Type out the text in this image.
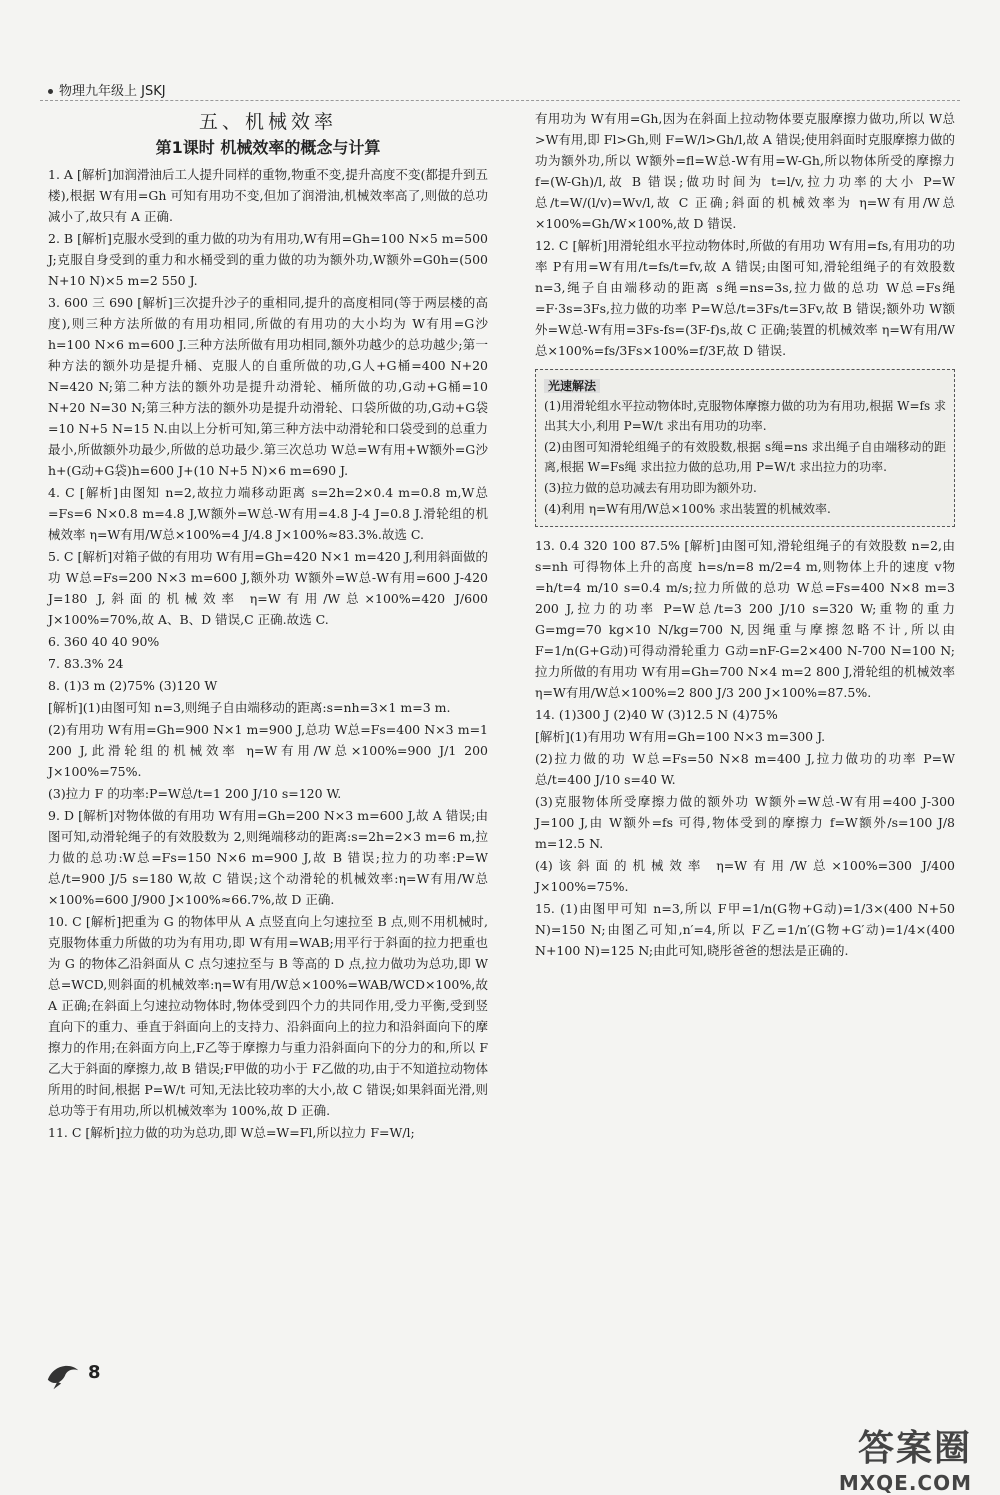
物理九年级上 JSKJ
五、机械效率
第1课时 机械效率的概念与计算
1. A [解析]加润滑油后工人提升同样的重物,物重不变,提升高度不变(都提升到五楼),根据 W有用=Gh 可知有用功不变,但加了润滑油,机械效率高了,则做的总功减小了,故只有 A 正确.
2. B [解析]克服水受到的重力做的功为有用功,W有用=Gh=100 N×5 m=500 J;克服自身受到的重力和水桶受到的重力做的功为额外功,W额外=G0h=(500 N+10 N)×5 m=2 550 J.
3. 600 三 690 [解析]三次提升沙子的重相同,提升的高度相同(等于两层楼的高度),则三种方法所做的有用功相同,所做的有用功的大小均为 W有用=G沙h=100 N×6 m=600 J.三种方法所做有用功相同,额外功越少的总功越少;第一种方法的额外功是提升桶、克服人的自重所做的功,G人+G桶=400 N+20 N=420 N;第二种方法的额外功是提升动滑轮、桶所做的功,G动+G桶=10 N+20 N=30 N;第三种方法的额外功是提升动滑轮、口袋所做的功,G动+G袋=10 N+5 N=15 N.由以上分析可知,第三种方法中动滑轮和口袋受到的总重力最小,所做额外功最少,所做的总功最少.第三次总功 W总=W有用+W额外=G沙h+(G动+G袋)h=600 J+(10 N+5 N)×6 m=690 J.
4. C [解析]由图知 n=2,故拉力端移动距离 s=2h=2×0.4 m=0.8 m,W总=Fs=6 N×0.8 m=4.8 J,W额外=W总-W有用=4.8 J-4 J=0.8 J.滑轮组的机械效率 η=W有用/W总×100%=4 J/4.8 J×100%≈83.3%.故选 C.
5. C [解析]对箱子做的有用功 W有用=Gh=420 N×1 m=420 J,利用斜面做的功 W总=Fs=200 N×3 m=600 J,额外功 W额外=W总-W有用=600 J-420 J=180 J,斜面的机械效率 η=W有用/W总×100%=420 J/600 J×100%=70%,故 A、B、D 错误,C 正确.故选 C.
6. 360 40 40 90%
7. 83.3% 24
8. (1)3 m (2)75% (3)120 W
[解析](1)由图可知 n=3,则绳子自由端移动的距离:s=nh=3×1 m=3 m.
(2)有用功 W有用=Gh=900 N×1 m=900 J,总功 W总=Fs=400 N×3 m=1 200 J,此滑轮组的机械效率 η=W有用/W总×100%=900 J/1 200 J×100%=75%.
(3)拉力 F 的功率:P=W总/t=1 200 J/10 s=120 W.
9. D [解析]对物体做的有用功 W有用=Gh=200 N×3 m=600 J,故 A 错误;由图可知,动滑轮绳子的有效股数为 2,则绳端移动的距离:s=2h=2×3 m=6 m,拉力做的总功:W总=Fs=150 N×6 m=900 J,故 B 错误;拉力的功率:P=W总/t=900 J/5 s=180 W,故 C 错误;这个动滑轮的机械效率:η=W有用/W总×100%=600 J/900 J×100%≈66.7%,故 D 正确.
10. C [解析]把重为 G 的物体甲从 A 点竖直向上匀速拉至 B 点,则不用机械时,克服物体重力所做的功为有用功,即 W有用=WAB;用平行于斜面的拉力把重也为 G 的物体乙沿斜面从 C 点匀速拉至与 B 等高的 D 点,拉力做功为总功,即 W总=WCD,则斜面的机械效率:η=W有用/W总×100%=WAB/WCD×100%,故 A 正确;在斜面上匀速拉动物体时,物体受到四个力的共同作用,受力平衡,受到竖直向下的重力、垂直于斜面向上的支持力、沿斜面向上的拉力和沿斜面向下的摩擦力的作用;在斜面方向上,F乙等于摩擦力与重力沿斜面向下的分力的和,所以 F乙大于斜面的摩擦力,故 B 错误;F甲做的功小于 F乙做的功,由于不知道拉动物体所用的时间,根据 P=W/t 可知,无法比较功率的大小,故 C 错误;如果斜面光滑,则总功等于有用功,所以机械效率为 100%,故 D 正确.
11. C [解析]拉力做的功为总功,即 W总=W=Fl,所以拉力 F=W/l;
有用功为 W有用=Gh,因为在斜面上拉动物体要克服摩擦力做功,所以 W总>W有用,即 Fl>Gh,则 F=W/l>Gh/l,故 A 错误;使用斜面时克服摩擦力做的功为额外功,所以 W额外=fl=W总-W有用=W-Gh,所以物体所受的摩擦力 f=(W-Gh)/l,故 B 错误;做功时间为 t=l/v,拉力功率的大小 P=W总/t=W/(l/v)=Wv/l,故 C 正确;斜面的机械效率为 η=W有用/W总×100%=Gh/W×100%,故 D 错误.
12. C [解析]用滑轮组水平拉动物体时,所做的有用功 W有用=fs,有用功的功率 P有用=W有用/t=fs/t=fv,故 A 错误;由图可知,滑轮组绳子的有效股数 n=3,绳子自由端移动的距离 s绳=ns=3s,拉力做的总功 W总=Fs绳=F·3s=3Fs,拉力做的功率 P=W总/t=3Fs/t=3Fv,故 B 错误;额外功 W额外=W总-W有用=3Fs-fs=(3F-f)s,故 C 正确;装置的机械效率 η=W有用/W总×100%=fs/3Fs×100%=f/3F,故 D 错误.
光速解法
(1)用滑轮组水平拉动物体时,克服物体摩擦力做的功为有用功,根据 W=fs 求出其大小,利用 P=W/t 求出有用功的功率.
(2)由图可知滑轮组绳子的有效股数,根据 s绳=ns 求出绳子自由端移动的距离,根据 W=Fs绳 求出拉力做的总功,用 P=W/t 求出拉力的功率.
(3)拉力做的总功减去有用功即为额外功.
(4)利用 η=W有用/W总×100% 求出装置的机械效率.
13. 0.4 320 100 87.5% [解析]由图可知,滑轮组绳子的有效股数 n=2,由 s=nh 可得物体上升的高度 h=s/n=8 m/2=4 m,则物体上升的速度 v物=h/t=4 m/10 s=0.4 m/s;拉力所做的总功 W总=Fs=400 N×8 m=3 200 J,拉力的功率 P=W总/t=3 200 J/10 s=320 W;重物的重力 G=mg=70 kg×10 N/kg=700 N,因绳重与摩擦忽略不计,所以由 F=1/n(G+G动)可得动滑轮重力 G动=nF-G=2×400 N-700 N=100 N;拉力所做的有用功 W有用=Gh=700 N×4 m=2 800 J,滑轮组的机械效率 η=W有用/W总×100%=2 800 J/3 200 J×100%=87.5%.
14. (1)300 J (2)40 W (3)12.5 N (4)75%
[解析](1)有用功 W有用=Gh=100 N×3 m=300 J.
(2)拉力做的功 W总=Fs=50 N×8 m=400 J,拉力做功的功率 P=W总/t=400 J/10 s=40 W.
(3)克服物体所受摩擦力做的额外功 W额外=W总-W有用=400 J-300 J=100 J,由 W额外=fs 可得,物体受到的摩擦力 f=W额外/s=100 J/8 m=12.5 N.
(4)该斜面的机械效率 η=W有用/W总×100%=300 J/400 J×100%=75%.
15. (1)由图甲可知 n=3,所以 F甲=1/n(G物+G动)=1/3×(400 N+50 N)=150 N;由图乙可知,n′=4,所以 F乙=1/n′(G物+G′动)=1/4×(400 N+100 N)=125 N;由此可知,晓彤爸爸的想法是正确的.
8
答案圈
MXQE.COM
